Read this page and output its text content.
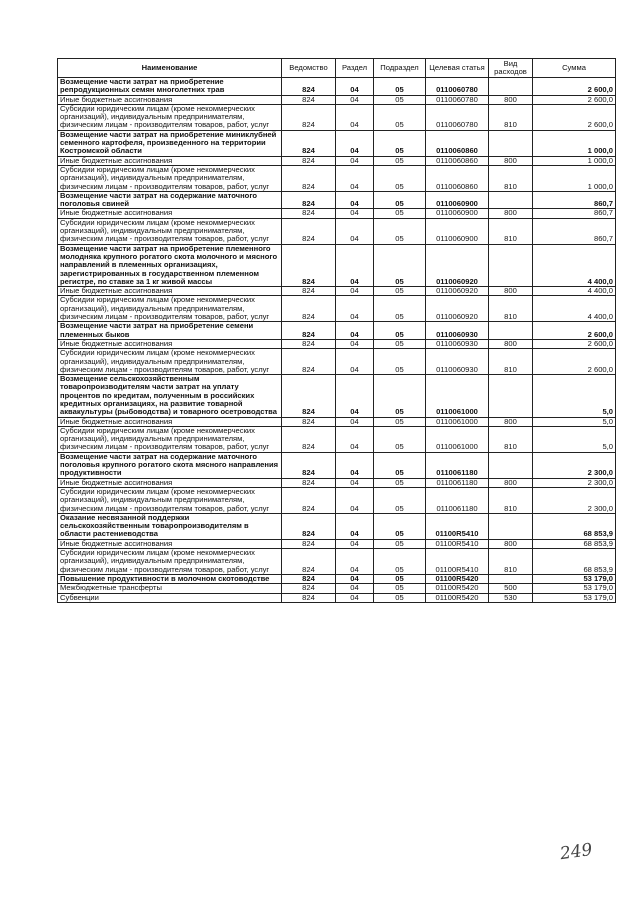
Наименование	Ведомство	Раздел	Подраздел	Целевая статья	Вид расходов	Сумма
Возмещение части затрат на приобретение репродукционных семян многолетних трав	824	04	05	0110060780		2 600,0
Иные бюджетные ассигнования	824	04	05	0110060780	800	2 600,0
Субсидии юридическим лицам (кроме некоммерческих организаций), индивидуальным предпринимателям, физическим лицам - производителям товаров, работ, услуг	824	04	05	0110060780	810	2 600,0
Возмещение части затрат на приобретение миниклубней семенного картофеля, произведенного на территории Костромской области	824	04	05	0110060860		1 000,0
Иные бюджетные ассигнования	824	04	05	0110060860	800	1 000,0
Субсидии юридическим лицам (кроме некоммерческих организаций), индивидуальным предпринимателям, физическим лицам - производителям товаров, работ, услуг	824	04	05	0110060860	810	1 000,0
Возмещение части затрат на содержание маточного поголовья свиней	824	04	05	0110060900		860,7
Иные бюджетные ассигнования	824	04	05	0110060900	800	860,7
Субсидии юридическим лицам (кроме некоммерческих организаций), индивидуальным предпринимателям, физическим лицам - производителям товаров, работ, услуг	824	04	05	0110060900	810	860,7
Возмещение части затрат на приобретение племенного молодняка крупного рогатого скота молочного и мясного направлений в племенных организациях, зарегистрированных в государственном племенном регистре, по ставке за 1 кг живой массы	824	04	05	0110060920		4 400,0
Иные бюджетные ассигнования	824	04	05	0110060920	800	4 400,0
Субсидии юридическим лицам (кроме некоммерческих организаций), индивидуальным предпринимателям, физическим лицам - производителям товаров, работ, услуг	824	04	05	0110060920	810	4 400,0
Возмещение части затрат на приобретение семени племенных быков	824	04	05	0110060930		2 600,0
Иные бюджетные ассигнования	824	04	05	0110060930	800	2 600,0
Субсидии юридическим лицам (кроме некоммерческих организаций), индивидуальным предпринимателям, физическим лицам - производителям товаров, работ, услуг	824	04	05	0110060930	810	2 600,0
Возмещение сельскохозяйственным товаропроизводителям части затрат на уплату процентов по кредитам, полученным в российских кредитных организациях, на развитие товарной аквакультуры (рыбоводства) и товарного осетроводства	824	04	05	0110061000		5,0
Иные бюджетные ассигнования	824	04	05	0110061000	800	5,0
Субсидии юридическим лицам (кроме некоммерческих организаций), индивидуальным предпринимателям, физическим лицам - производителям товаров, работ, услуг	824	04	05	0110061000	810	5,0
Возмещение части затрат на содержание маточного поголовья крупного рогатого скота мясного направления продуктивности	824	04	05	0110061180		2 300,0
Иные бюджетные ассигнования	824	04	05	0110061180	800	2 300,0
Субсидии юридическим лицам (кроме некоммерческих организаций), индивидуальным предпринимателям, физическим лицам - производителям товаров, работ, услуг	824	04	05	0110061180	810	2 300,0
Оказание несвязанной поддержки сельскохозяйственным товаропроизводителям в области растениеводства	824	04	05	01100R5410		68 853,9
Иные бюджетные ассигнования	824	04	05	01100R5410	800	68 853,9
Субсидии юридическим лицам (кроме некоммерческих организаций), индивидуальным предпринимателям, физическим лицам - производителям товаров, работ, услуг	824	04	05	01100R5410	810	68 853,9
Повышение продуктивности в молочном скотоводстве	824	04	05	01100R5420		53 179,0
Межбюджетные трансферты	824	04	05	01100R5420	500	53 179,0
Субвенции	824	04	05	01100R5420	530	53 179,0
249
